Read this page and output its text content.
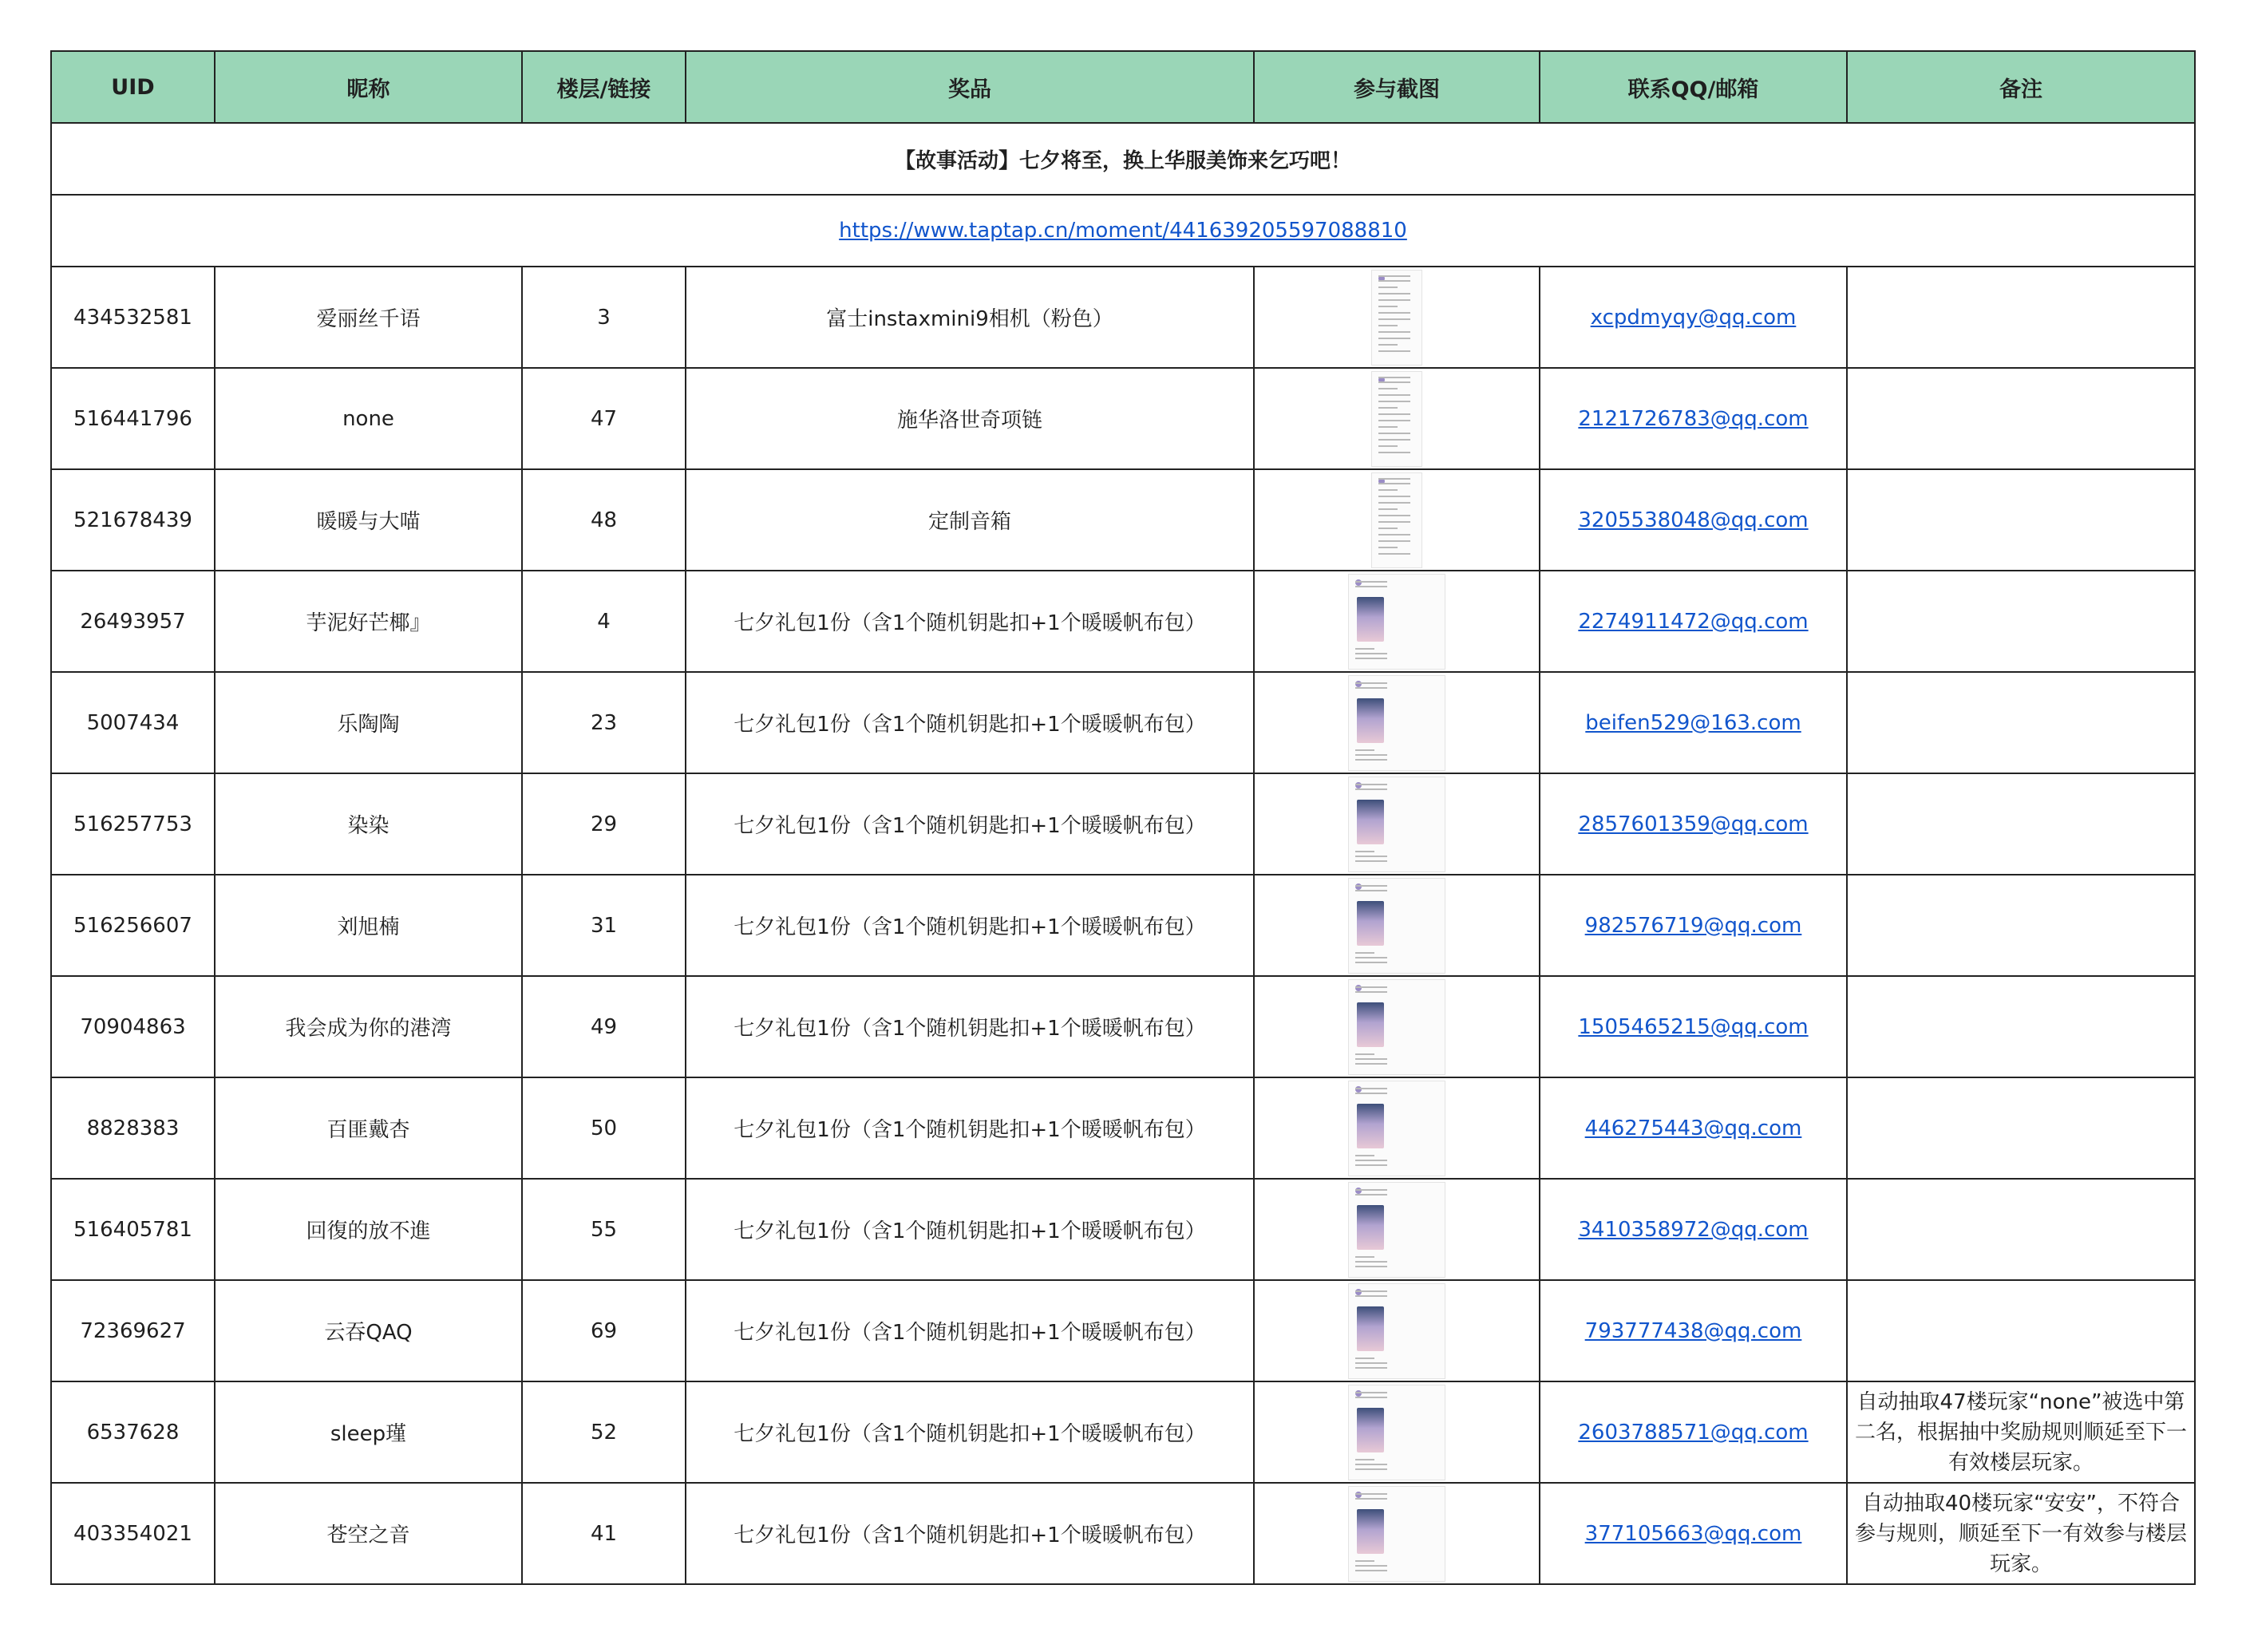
UID	昵称	楼层/链接	奖品	参与截图	联系QQ/邮箱	备注
【故事活动】七夕将至，换上华服美饰来乞巧吧！						
https://www.taptap.cn/moment/441639205597088810						
434532581	爱丽丝千语	3	富士instaxmini9相机（粉色）		xcpdmyqy@qq.com	
516441796	none	47	施华洛世奇项链		2121726783@qq.com	
521678439	暖暖与大喵	48	定制音箱		3205538048@qq.com	
26493957	芋泥好芒椰』	4	七夕礼包1份（含1个随机钥匙扣+1个暖暖帆布包）		2274911472@qq.com	
5007434	乐陶陶	23	七夕礼包1份（含1个随机钥匙扣+1个暖暖帆布包）		beifen529@163.com	
516257753	染染	29	七夕礼包1份（含1个随机钥匙扣+1个暖暖帆布包）		2857601359@qq.com	
516256607	刘旭楠	31	七夕礼包1份（含1个随机钥匙扣+1个暖暖帆布包）		982576719@qq.com	
70904863	我会成为你的港湾	49	七夕礼包1份（含1个随机钥匙扣+1个暖暖帆布包）		1505465215@qq.com	
8828383	百匪戴杏	50	七夕礼包1份（含1个随机钥匙扣+1个暖暖帆布包）		446275443@qq.com	
516405781	回復的放不進	55	七夕礼包1份（含1个随机钥匙扣+1个暖暖帆布包）		3410358972@qq.com	
72369627	云吞QAQ	69	七夕礼包1份（含1个随机钥匙扣+1个暖暖帆布包）		793777438@qq.com	
6537628	sleep瑾	52	七夕礼包1份（含1个随机钥匙扣+1个暖暖帆布包）		2603788571@qq.com	自动抽取47楼玩家“none”被选中第二名，根据抽中奖励规则顺延至下一有效楼层玩家。
403354021	苍空之音	41	七夕礼包1份（含1个随机钥匙扣+1个暖暖帆布包）		377105663@qq.com	自动抽取40楼玩家“安安”，不符合参与规则，顺延至下一有效参与楼层玩家。
